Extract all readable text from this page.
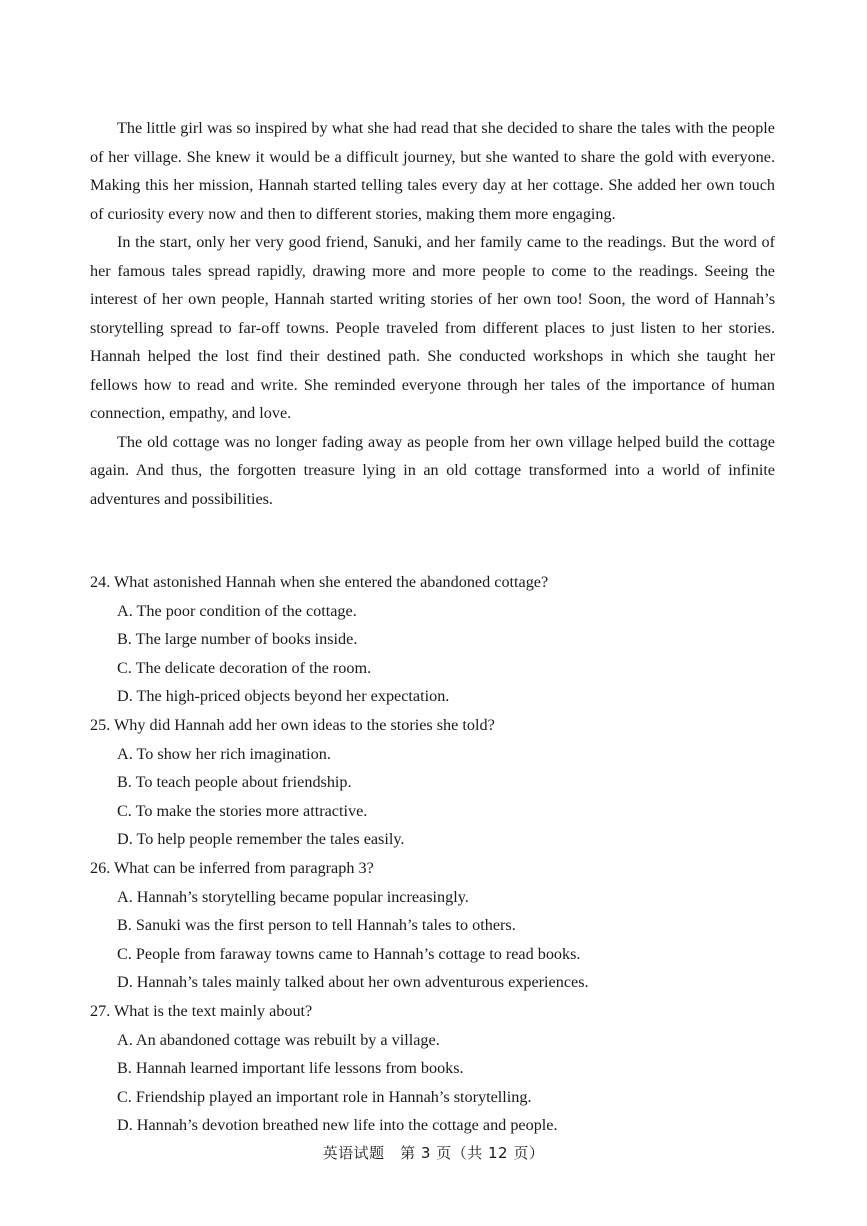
The little girl was so inspired by what she had read that she decided to share the tales with the people of her village. She knew it would be a difficult journey, but she wanted to share the gold with everyone. Making this her mission, Hannah started telling tales every day at her cottage. She added her own touch of curiosity every now and then to different stories, making them more engaging.

In the start, only her very good friend, Sanuki, and her family came to the readings. But the word of her famous tales spread rapidly, drawing more and more people to come to the readings. Seeing the interest of her own people, Hannah started writing stories of her own too! Soon, the word of Hannah’s storytelling spread to far-off towns. People traveled from different places to just listen to her stories. Hannah helped the lost find their destined path. She conducted workshops in which she taught her fellows how to read and write. She reminded everyone through her tales of the importance of human connection, empathy, and love.

The old cottage was no longer fading away as people from her own village helped build the cottage again. And thus, the forgotten treasure lying in an old cottage transformed into a world of infinite adventures and possibilities.

24. What astonished Hannah when she entered the abandoned cottage?

A. The poor condition of the cottage.

B. The large number of books inside.

C. The delicate decoration of the room.

D. The high-priced objects beyond her expectation.

25. Why did Hannah add her own ideas to the stories she told?

A. To show her rich imagination.

B. To teach people about friendship.

C. To make the stories more attractive.

D. To help people remember the tales easily.

26. What can be inferred from paragraph 3?

A. Hannah’s storytelling became popular increasingly.

B. Sanuki was the first person to tell Hannah’s tales to others.

C. People from faraway towns came to Hannah’s cottage to read books.

D. Hannah’s tales mainly talked about her own adventurous experiences.

27. What is the text mainly about?

A. An abandoned cottage was rebuilt by a village.

B. Hannah learned important life lessons from books.

C. Friendship played an important role in Hannah’s storytelling.

D. Hannah’s devotion breathed new life into the cottage and people.

英语试题　第 3 页（共 12 页）
